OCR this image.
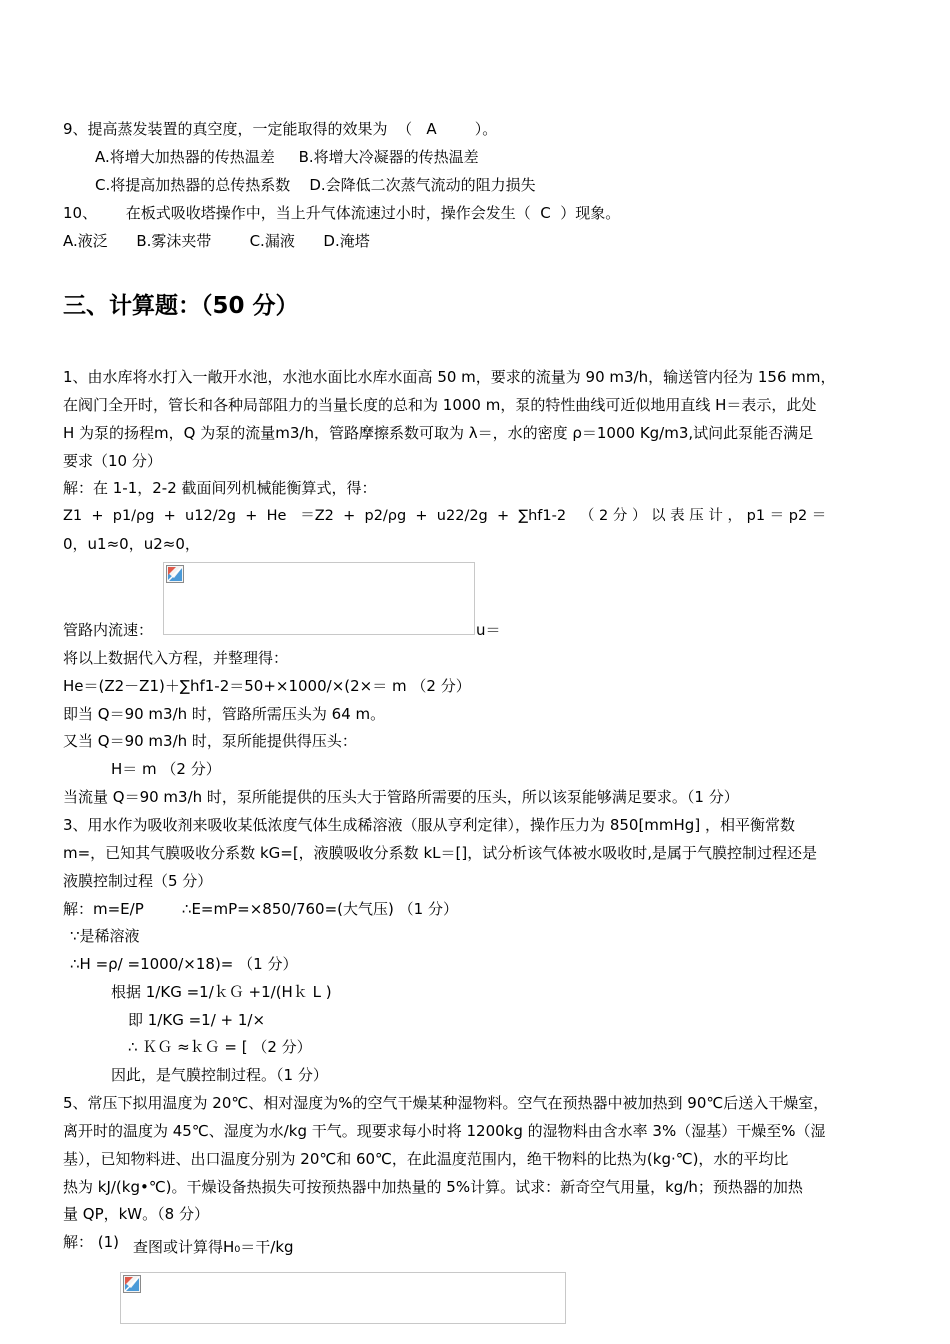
9、提高蒸发装置的真空度，一定能取得的效果为  （   A        ）。
A.将增大加热器的传热温差     B.将增大冷凝器的传热温差
C.将提高加热器的总传热系数    D.会降低二次蒸气流动的阻力损失
10、      在板式吸收塔操作中，当上升气体流速过小时，操作会发生（  C  ）现象。
A.液泛      B.雾沫夹带        C.漏液      D.淹塔
三、计算题：（50 分）
1、由水库将水打入一敞开水池，水池水面比水库水面高 50 m，要求的流量为 90 m3/h，输送管内径为 156 mm，
在阀门全开时，管长和各种局部阻力的当量长度的总和为 1000 m，泵的特性曲线可近似地用直线 H＝表示，此处
H 为泵的扬程m，Q 为泵的流量m3/h，管路摩擦系数可取为 λ＝，水的密度 ρ＝1000 Kg/m3,试问此泵能否满足
要求（10 分）
解：在 1-1，2-2 截面间列机械能衡算式，得：
Z1  +  p1/ρg  +  u12/2g  +  He   ＝Z2  +  p2/ρg  +  u22/2g  +  ∑hf1-2   （ 2 分 ） 以 表 压 计 ， p1 ＝ p2 ＝
0，u1≈0，u2≈0，
管路内流速：	u＝
将以上数据代入方程，并整理得：
He＝(Z2－Z1)＋∑hf1-2＝50+×1000/×(2×＝ m （2 分）
即当 Q＝90 m3/h 时，管路所需压头为 64 m。
又当 Q＝90 m3/h 时，泵所能提供得压头：
H＝ m （2 分）
当流量 Q＝90 m3/h 时，泵所能提供的压头大于管路所需要的压头，所以该泵能够满足要求。（1 分）
3、用水作为吸收剂来吸收某低浓度气体生成稀溶液（服从亨利定律），操作压力为 850[mmHg] ，相平衡常数
m=，已知其气膜吸收分系数 kG=[，液膜吸收分系数 kL＝[]，试分析该气体被水吸收时,是属于气膜控制过程还是
液膜控制过程（5 分）
解：m=E/P        ∴E=mP=×850/760=(大气压) （1 分）
∵是稀溶液
∴H =ρ/ =1000/×18)= （1 分）
根据 1/KG =1/ｋＧ +1/(Hｋ L )
即 1/KG =1/ + 1/×
∴ ＫＧ ≈ｋＧ = [ （2 分）
因此，是气膜控制过程。（1 分）
5、常压下拟用温度为 20℃、相对湿度为%的空气干燥某种湿物料。空气在预热器中被加热到 90℃后送入干燥室，
离开时的温度为 45℃、湿度为水/kg 干气。现要求每小时将 1200kg 的湿物料由含水率 3%（湿基）干燥至%（湿
基），已知物料进、出口温度分别为 20℃和 60℃，在此温度范围内，绝干物料的比热为(kg·℃)，水的平均比
热为 kJ/(kg•℃)。干燥设备热损失可按预热器中加热量的 5%计算。试求：新奇空气用量，kg/h；预热器的加热
量 QP，kW。（8 分）
解： (1) 查图或计算得H₀＝干/kg
